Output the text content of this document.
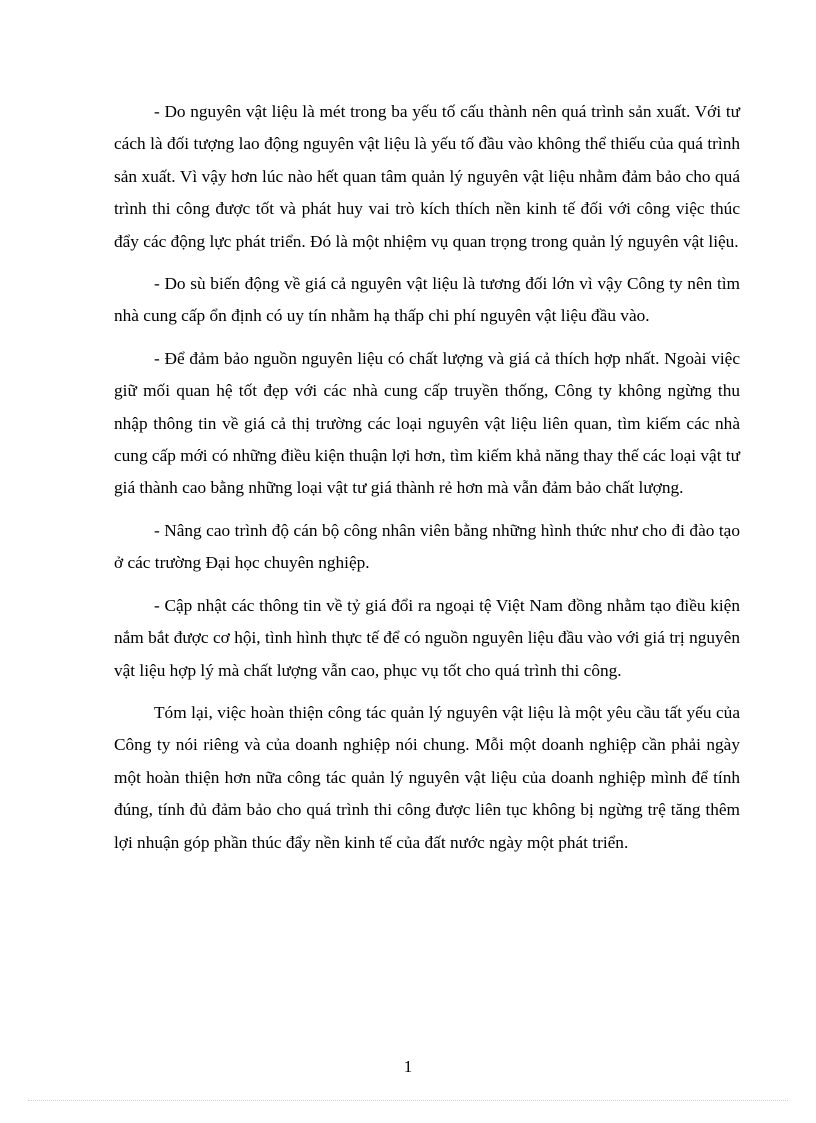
- Do nguyên vật liệu là mét trong ba yếu tố cấu thành nên quá trình sản xuất. Với tư cách là đối tượng lao động nguyên vật liệu là yếu tố đầu vào không thể thiếu của quá trình sản xuất. Vì vậy hơn lúc nào hết quan tâm quản lý nguyên vật liệu nhằm đảm bảo cho quá trình thi công được tốt và phát huy vai trò kích thích nền kinh tế đối với công việc thúc đẩy các động lực phát triển. Đó là một nhiệm vụ quan trọng trong quản lý nguyên vật liệu.

- Do sù biến động về giá cả nguyên vật liệu là tương đối lớn vì vậy Công ty nên tìm nhà cung cấp ổn định có uy tín nhằm hạ thấp chi phí nguyên vật liệu đầu vào.

- Để đảm bảo nguồn nguyên liệu có chất lượng và giá cả thích hợp nhất. Ngoài việc giữ mối quan hệ tốt đẹp với các nhà cung cấp truyền thống, Công ty không ngừng thu nhập thông tin về giá cả thị trường các loại nguyên vật liệu liên quan, tìm kiếm các nhà cung cấp mới có những điều kiện thuận lợi hơn, tìm kiếm khả năng thay thế các loại vật tư giá thành cao bằng những loại vật tư giá thành rẻ hơn mà vẫn đảm bảo chất lượng.

- Nâng cao trình độ cán bộ công nhân viên bằng những hình thức như cho đi đào tạo ở các trường Đại học chuyên nghiệp.

- Cập nhật các thông tin về tỷ giá đổi ra ngoại tệ Việt Nam đồng nhằm tạo điều kiện nắm bắt được cơ hội, tình hình thực tế để có nguồn nguyên liệu đầu vào với giá trị nguyên vật liệu hợp lý mà chất lượng vẫn cao, phục vụ tốt cho quá trình thi công.

Tóm lại, việc hoàn thiện công tác quản lý nguyên vật liệu là một yêu cầu tất yếu của Công ty nói riêng và của doanh nghiệp nói chung. Mỗi một doanh nghiệp cần phải ngày một hoàn thiện hơn nữa công tác quản lý nguyên vật liệu của doanh nghiệp mình để tính đúng, tính đủ đảm bảo cho quá trình thi công được liên tục không bị ngừng trệ tăng thêm lợi nhuận góp phần thúc đẩy nền kinh tế của đất nước ngày một phát triển.

1
